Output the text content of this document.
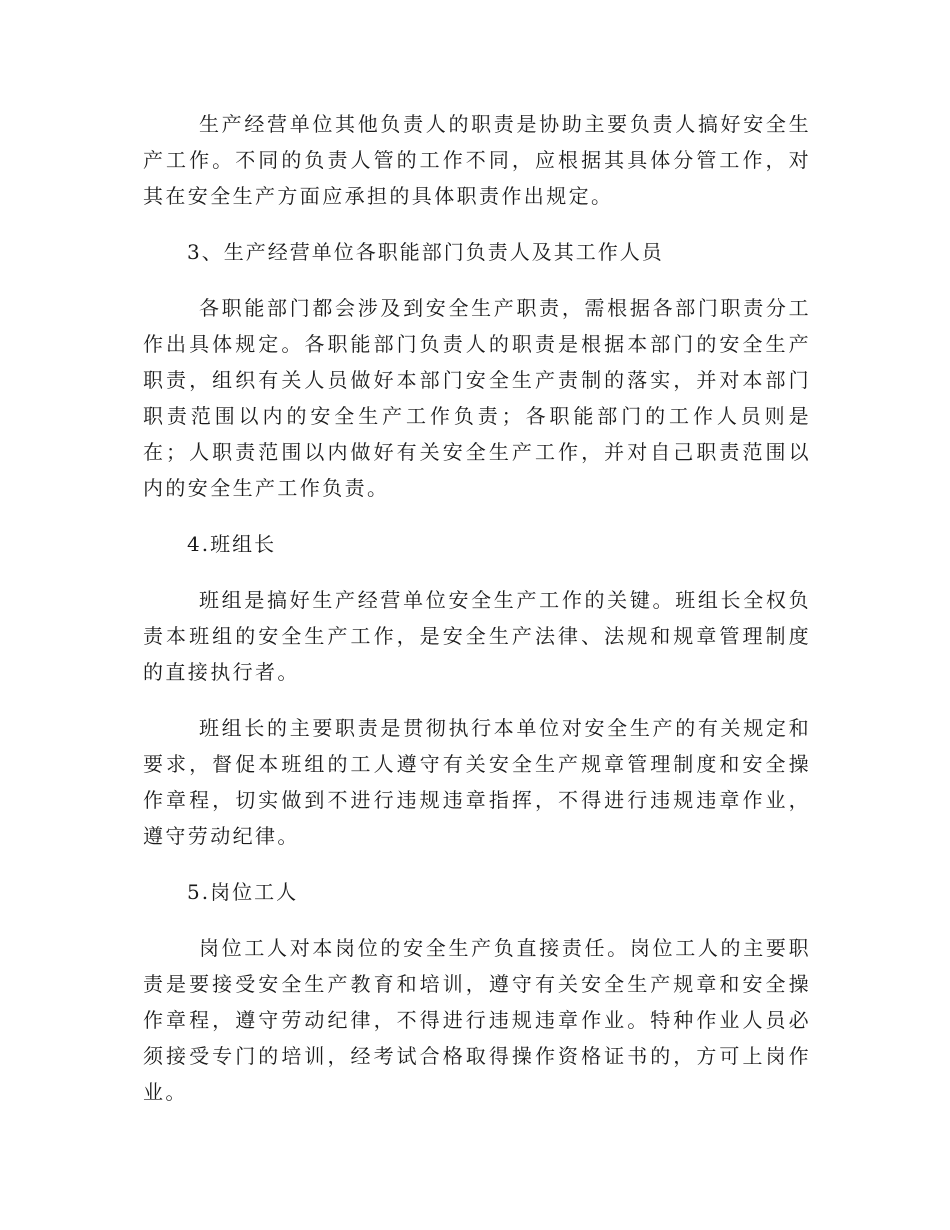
生产经营单位其他负责人的职责是协助主要负责人搞好安全生产工作。不同的负责人管的工作不同，应根据其具体分管工作，对其在安全生产方面应承担的具体职责作出规定。

3、生产经营单位各职能部门负责人及其工作人员

各职能部门都会涉及到安全生产职责，需根据各部门职责分工作出具体规定。各职能部门负责人的职责是根据本部门的安全生产职责，组织有关人员做好本部门安全生产责制的落实，并对本部门职责范围以内的安全生产工作负责；各职能部门的工作人员则是在；人职责范围以内做好有关安全生产工作，并对自己职责范围以内的安全生产工作负责。

4.班组长

班组是搞好生产经营单位安全生产工作的关键。班组长全权负责本班组的安全生产工作，是安全生产法律、法规和规章管理制度的直接执行者。

班组长的主要职责是贯彻执行本单位对安全生产的有关规定和要求，督促本班组的工人遵守有关安全生产规章管理制度和安全操作章程，切实做到不进行违规违章指挥，不得进行违规违章作业，遵守劳动纪律。

5.岗位工人

岗位工人对本岗位的安全生产负直接责任。岗位工人的主要职责是要接受安全生产教育和培训，遵守有关安全生产规章和安全操作章程，遵守劳动纪律，不得进行违规违章作业。特种作业人员必须接受专门的培训，经考试合格取得操作资格证书的，方可上岗作业。
